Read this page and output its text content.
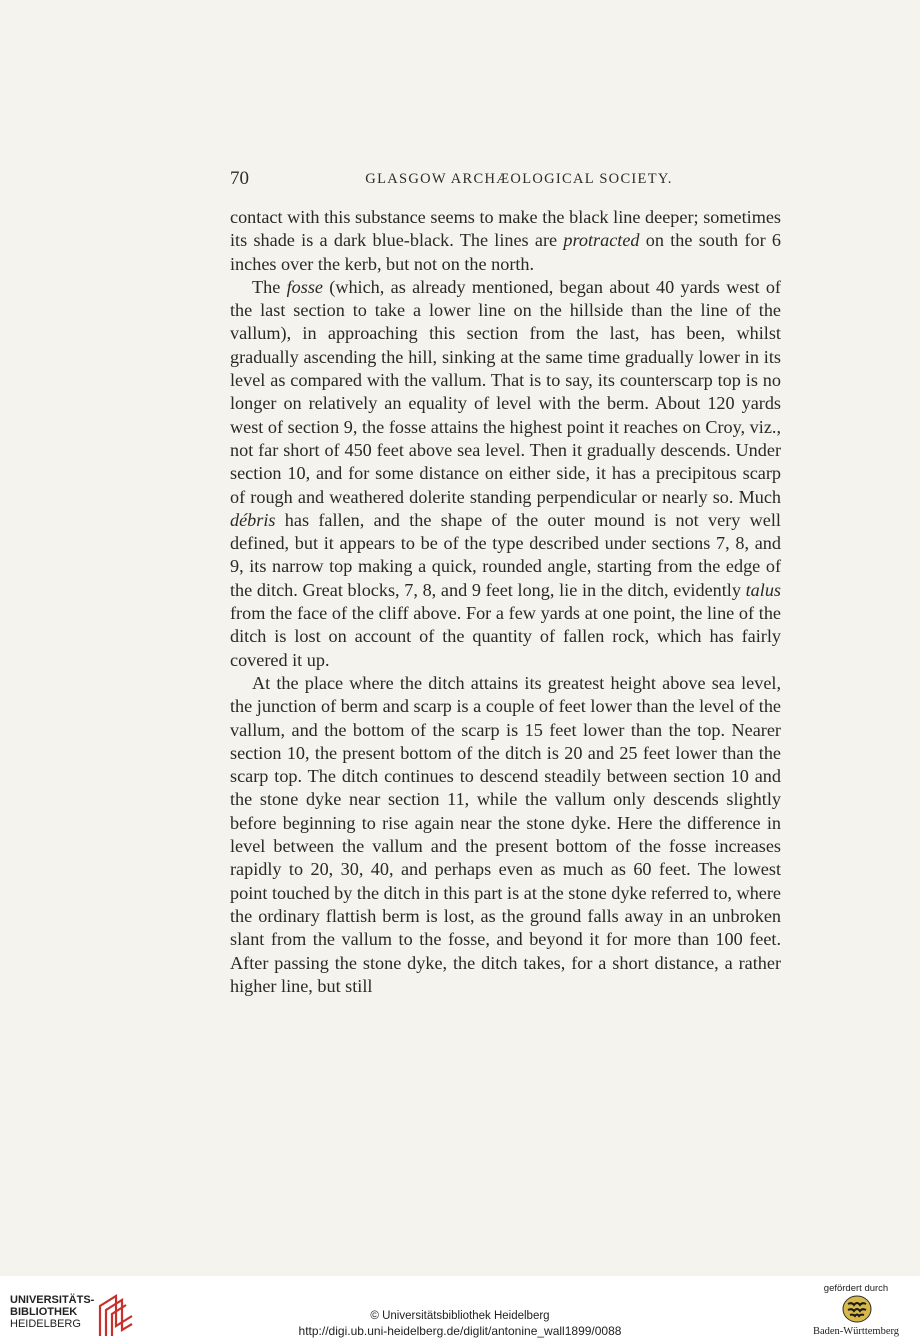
70	GLASGOW ARCHÆOLOGICAL SOCIETY.

contact with this substance seems to make the black line deeper; sometimes its shade is a dark blue-black. The lines are protracted on the south for 6 inches over the kerb, but not on the north.

The fosse (which, as already mentioned, began about 40 yards west of the last section to take a lower line on the hillside than the line of the vallum), in approaching this section from the last, has been, whilst gradually ascending the hill, sinking at the same time gradually lower in its level as compared with the vallum. That is to say, its counterscarp top is no longer on relatively an equality of level with the berm. About 120 yards west of section 9, the fosse attains the highest point it reaches on Croy, viz., not far short of 450 feet above sea level. Then it gradually descends. Under section 10, and for some distance on either side, it has a precipitous scarp of rough and weathered dolerite standing perpendicular or nearly so. Much débris has fallen, and the shape of the outer mound is not very well defined, but it appears to be of the type described under sections 7, 8, and 9, its narrow top making a quick, rounded angle, starting from the edge of the ditch. Great blocks, 7, 8, and 9 feet long, lie in the ditch, evidently talus from the face of the cliff above. For a few yards at one point, the line of the ditch is lost on account of the quantity of fallen rock, which has fairly covered it up.

At the place where the ditch attains its greatest height above sea level, the junction of berm and scarp is a couple of feet lower than the level of the vallum, and the bottom of the scarp is 15 feet lower than the top. Nearer section 10, the present bottom of the ditch is 20 and 25 feet lower than the scarp top. The ditch continues to descend steadily between section 10 and the stone dyke near section 11, while the vallum only descends slightly before beginning to rise again near the stone dyke. Here the difference in level between the vallum and the present bottom of the fosse increases rapidly to 20, 30, 40, and perhaps even as much as 60 feet. The lowest point touched by the ditch in this part is at the stone dyke referred to, where the ordinary flattish berm is lost, as the ground falls away in an unbroken slant from the vallum to the fosse, and beyond it for more than 100 feet. After passing the stone dyke, the ditch takes, for a short distance, a rather higher line, but still

UNIVERSITÄTS-
BIBLIOTHEK
HEIDELBERG
© Universitätsbibliothek Heidelberg
http://digi.ub.uni-heidelberg.de/diglit/antonine_wall1899/0088
gefördert durch
Baden-Württemberg
